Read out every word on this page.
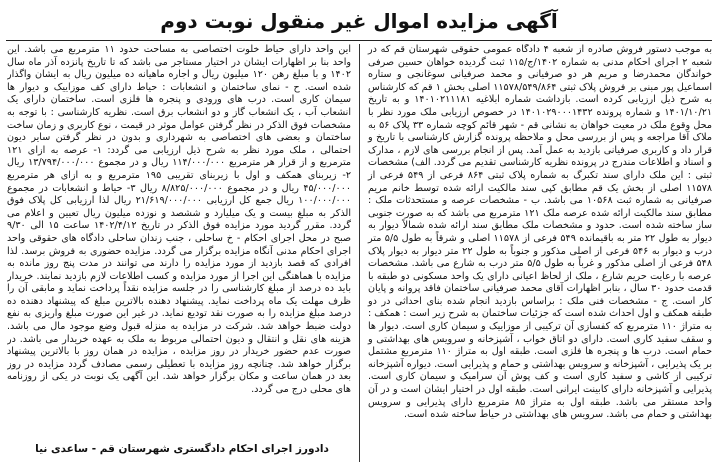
آگهی مزایده اموال غیر منقول نوبت دوم

به موجب دستور فروش صادره از شعبه ۴ دادگاه عمومی حقوقی شهرستان قم که در شعبه ۲ اجرای احکام مدنی به شماره ۱۴۰۲/ج/۱۱۵ ثبت گردیده خواهان حسین صرفی خواندگان محمدرضا و مریم هر دو صرفیانی و محمد صرفیانی سوغانجی و ستاره اسماعیل پور مبنی بر فروش پلاک ثبتی ۱۱۵۷۸/۵۴۹/۸۶۴ اصلی بخش ۱ قم که کارشناس به شرح ذیل ارزیابی کرده است. بازداشت شماره ابلاغیه ۱۴۰۱۰۲۱۱۱۸۱ و به تاریخ ۱۴۰۱/۱۰/۲۱ و شماره پرونده ۱۴۰۱۰۲۹۰۰۰۱۴۳۲ در خصوص ارزیابی ملک مورد نظر با محل وقوع ملک در معیت خواهان به نشانی قم - شهر قائم کوچه شماره ۳۳ پلاک ۵۶ به ملاک آقا مراجعه و پس از بررسی محل و ملاحظه پرونده گزارش کارشناسی با تاریخ و قرار داد و کاربری صرفیانی بازدید به عمل آمد. پس از انجام بررسی های لازم ، مدارک و اسناد و اطلاعات مندرج در پرونده نظریه کارشناسی تقدیم می گردد. الف) مشخصات ثبتی : این ملک دارای سند تکبرگ به شماره پلاک ثبتی ۸۶۴ فرعی از ۵۴۹ فرعی از ۱۱۵۷۸ اصلی از بخش یک قم مطابق کپی سند مالکیت ارائه شده توسط خانم مریم صرفیانی به شماره ثبت ۱۰۵۶۸ می باشد. ب - مشخصات عرصه و مستحدثات ملک : مطابق سند مالکیت ارائه شده عرصه ملک ۱۲۱ مترمربع می باشد که به صورت جنوبی ساز ساخته شده است. حدود و مشخصات ملک مطابق سند ارائه شده شمالاً دیوار به دیوار به طول ۲۲ متر به باقیمانده ۵۴۹ فرعی از ۱۱۵۷۸ اصلی و شرقاً به طول ۵/۵ متر درب و دیوار به ۵۴۶ فرعی از اصلی مذکور و جنوباً به طول ۲۲ متر دیوار به دیوار پلاک ۵۴۸ فرعی از اصلی مذکور و غرباً به طول ۵/۵ متر درب به شارع می باشد. مشخصات عرصه با رعایت حریم شارع ، ملک از لحاظ اعیانی دارای یک واحد مسکونی دو طبقه با قدمت حدود ۳۰ سال ، بنابر اظهارات آقای محمد صرفیانی ساختمان فاقد پروانه و پایان کار است. ج - مشخصات فنی ملک : براساس بازدید انجام شده بنای احداثی در دو طبقه همکف و اول احداث شده است که جزئیات ساختمان به شرح زیر است : همکف : به متراژ ۱۱۰ مترمربع که کفسازی آن ترکیبی از موزاییک و سیمان کاری است. دیوار ها و سقف سفید کاری است. دارای دو اتاق خواب ، آشپزخانه و سرویس های بهداشتی و حمام است. درب ها و پنجره ها فلزی است. طبقه اول به متراژ ۱۱۰ مترمربع مشتمل بر یک پذیرایی ، آشپزخانه و سرویس بهداشتی و حمام و پذیرایی است. دیواره آشپزخانه ترکیبی از کاشی و سفید کاری است و کف پوش آن سرامیک و سیمان کاری است. پذیرایی و آشپزخانه دارای کابینت ایرانی است. طبقه اول در اختیار ایشان است و در آن واحد مستقر می باشد. طبقه اول به متراژ ۸۵ مترمربع دارای پذیرایی و سرویس بهداشتی و حمام می باشد. سرویس های بهداشتی در حیاط ساخته شده است.

این واحد دارای حیاط خلوت اختصاصی به مساحت حدود ۱۱ مترمربع می باشد. این واحد بنا بر اظهارات ایشان در اختیار مستاجر می باشد که تا تاریخ پانزده آذر ماه سال ۱۴۰۲ و با مبلغ رهن ۱۲۰ میلیون ریال و اجاره ماهیانه ده میلیون ریال به ایشان واگذار شده است. ح - نمای ساختمان و انشعابات : حیاط دارای کف موزاییک و دیوار ها سیمان کاری است. درب های ورودی و پنجره ها فلزی است. ساختمان دارای یک انشعاب آب ، یک انشعاب گاز و دو انشعاب برق است. نظریه کارشناسی : با توجه به مشخصات فوق الذکر در نظر گرفتن عوامل موثر در قیمت ، نوع کاربری و زمان ساخت ساختمان و بعضی های اختصاصی به شهرداری و بدون در نظر گرفتن سایر دیون احتمالی ، ملک مورد نظر به شرح ذیل ارزیابی می گردد: ۱- عرصه به ازای ۱۲۱ مترمربع و از قرار هر مترمربع ۱۱۴/۰۰۰/۰۰۰ ریال و در مجموع ۱۳/۷۹۴/۰۰۰/۰۰۰ ریال ۲- زیربنای همکف و اول با زیربنای تقریبی ۱۹۵ مترمربع و به ازای هر مترمربع ۴۵/۰۰۰/۰۰۰ ریال و در مجموع ۸/۸۲۵/۰۰۰/۰۰۰ ریال ۳- حیاط و انشعابات در مجموع ۱۰۰/۰۰۰/۰۰۰ ریال جمع کل ارزیابی ۲۱/۶۱۹/۰۰۰/۰۰۰ ریال لذا ارزیابی کل پلاک فوق الذکر به مبلغ بیست و یک میلیارد و ششصد و نوزده میلیون ریال تعیین و اعلام می گردد. مقرر گردید مورد مزایده فوق الذکر در تاریخ ۱۴۰۲/۴/۱۲ ساعت ۱۵ الی ۹/۳۰ صبح در محل اجرای احکام - خ ساحلی ، جنب زندان ساحلی دادگاه های حقوقی واحد اجرای احکام مدنی آنگاه مزایده برگزار می گردد. مزایده حضوری به فروش برسد. لذا افرادی که قصد بازدید از مورد مزایده را دارند می توانند در مدت پنج روز مانده به مزایده با هماهنگی این اجرا از مورد مزایده و کسب اطلاعات لازم بازدید نمایند. خریدار باید ده درصد از مبلغ کارشناسی را در جلسه مزایده نقداً پرداخت نماید و مابقی آن را ظرف مهلت یک ماه پرداخت نماید. پیشنهاد دهنده بالاترین مبلغ که پیشنهاد دهنده ده درصد مبلغ مزایده را به صورت نقد تودیع نماید. در غیر این صورت مبلغ واریزی به نفع دولت ضبط خواهد شد. شرکت در مزایده به منزله قبول وضع موجود مال می باشد. هزینه های نقل و انتقال و دیون احتمالی مربوط به ملک به عهده خریدار می باشد. در صورت عدم حضور خریدار در روز مزایده ، مزایده در همان روز با بالاترین پیشنهاد برگزار خواهد شد. چنانچه روز مزایده با تعطیلی رسمی مصادف گردد مزایده در روز بعد در همان ساعت و مکان برگزار خواهد شد. این آگهی یک نوبت در یکی از روزنامه های محلی درج می گردد.

دادورز اجرای احکام دادگستری شهرستان قم - ساعدی نیا
